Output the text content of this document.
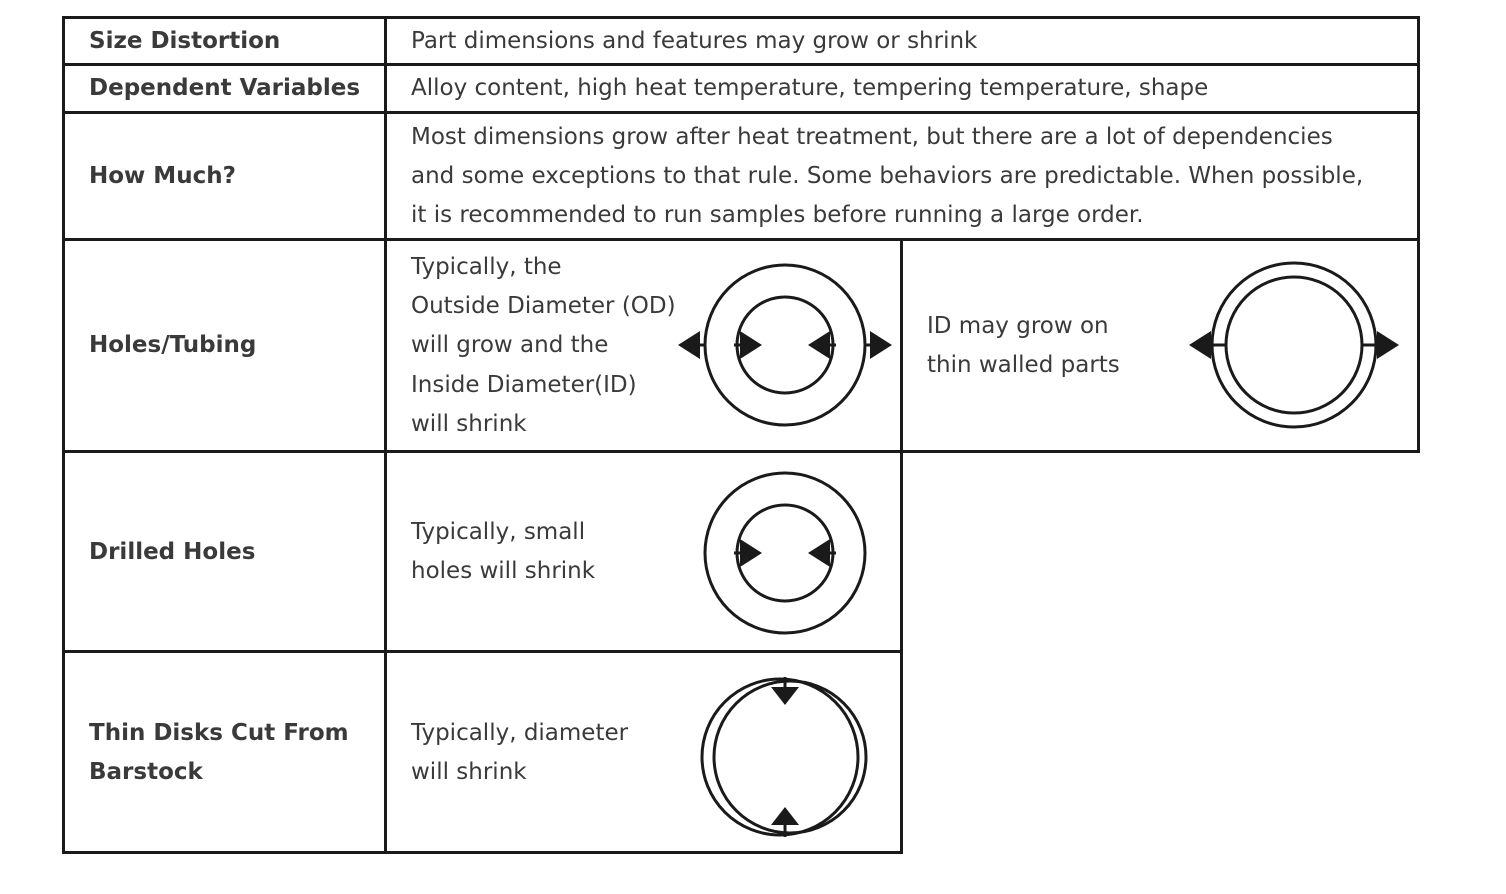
Size Distortion	Part dimensions and features may grow or shrink
Dependent Variables Alloy content, high heat temperature, tempering temperature, shape
How Much?
Most dimensions grow after heat treatment, but there are a lot of dependencies
and some exceptions to that rule. Some behaviors are predictable. When possible,
it is recommended to run samples before running a large order.
Holes/Tubing
Typically, the
Outside Diameter (OD)
will grow and the
Inside Diameter(ID)
will shrink
ID may grow on
thin walled parts
Drilled Holes
Typically, small
holes will shrink
Thin Disks Cut From
Barstock
Typically, diameter
will shrink
